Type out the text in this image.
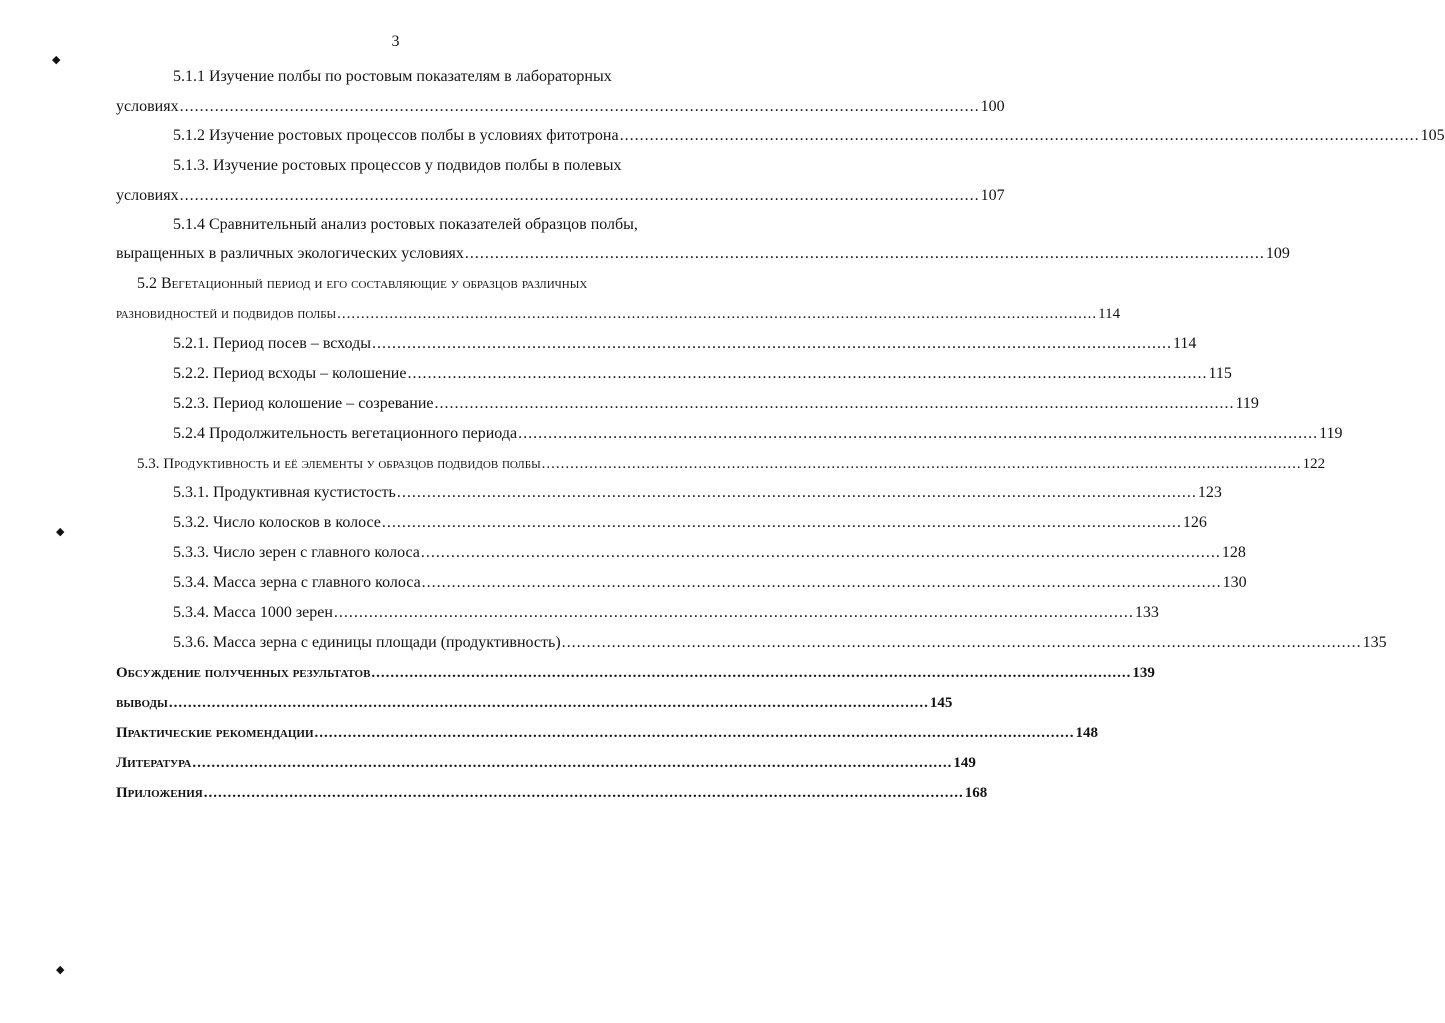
3
◆
◆
◆
5.1.1 Изучение полбы по ростовым показателям в лабораторных
условиях ................................................................................................................................................................ 100
5.1.2 Изучение ростовых процессов полбы в условиях фитотрона ................................................................................................................................................................ 105
5.1.3. Изучение ростовых процессов у подвидов полбы в полевых
условиях ................................................................................................................................................................ 107
5.1.4 Сравнительный анализ ростовых показателей образцов полбы,
выращенных в различных экологических условиях ................................................................................................................................................................ 109
5.2 Вегетационный период и его составляющие у образцов различных
разновидностей и подвидов полбы ................................................................................................................................................................ 114
5.2.1. Период посев – всходы ................................................................................................................................................................ 114
5.2.2. Период всходы – колошение ................................................................................................................................................................ 115
5.2.3. Период колошение – созревание ................................................................................................................................................................ 119
5.2.4 Продолжительность вегетационного периода ................................................................................................................................................................ 119
5.3. Продуктивность и её элементы у образцов подвидов полбы ................................................................................................................................................................ 122
5.3.1. Продуктивная кустистость ................................................................................................................................................................ 123
5.3.2. Число колосков в колосе ................................................................................................................................................................ 126
5.3.3. Число зерен с главного колоса ................................................................................................................................................................ 128
5.3.4. Масса зерна с главного колоса ................................................................................................................................................................ 130
5.3.4. Масса 1000 зерен ................................................................................................................................................................ 133
5.3.6. Масса зерна с единицы площади (продуктивность) ................................................................................................................................................................ 135
Обсуждение полученных результатов ................................................................................................................................................................ 139
выводы ................................................................................................................................................................ 145
Практические рекомендации ................................................................................................................................................................ 148
Литература ................................................................................................................................................................ 149
Приложения ................................................................................................................................................................ 168
